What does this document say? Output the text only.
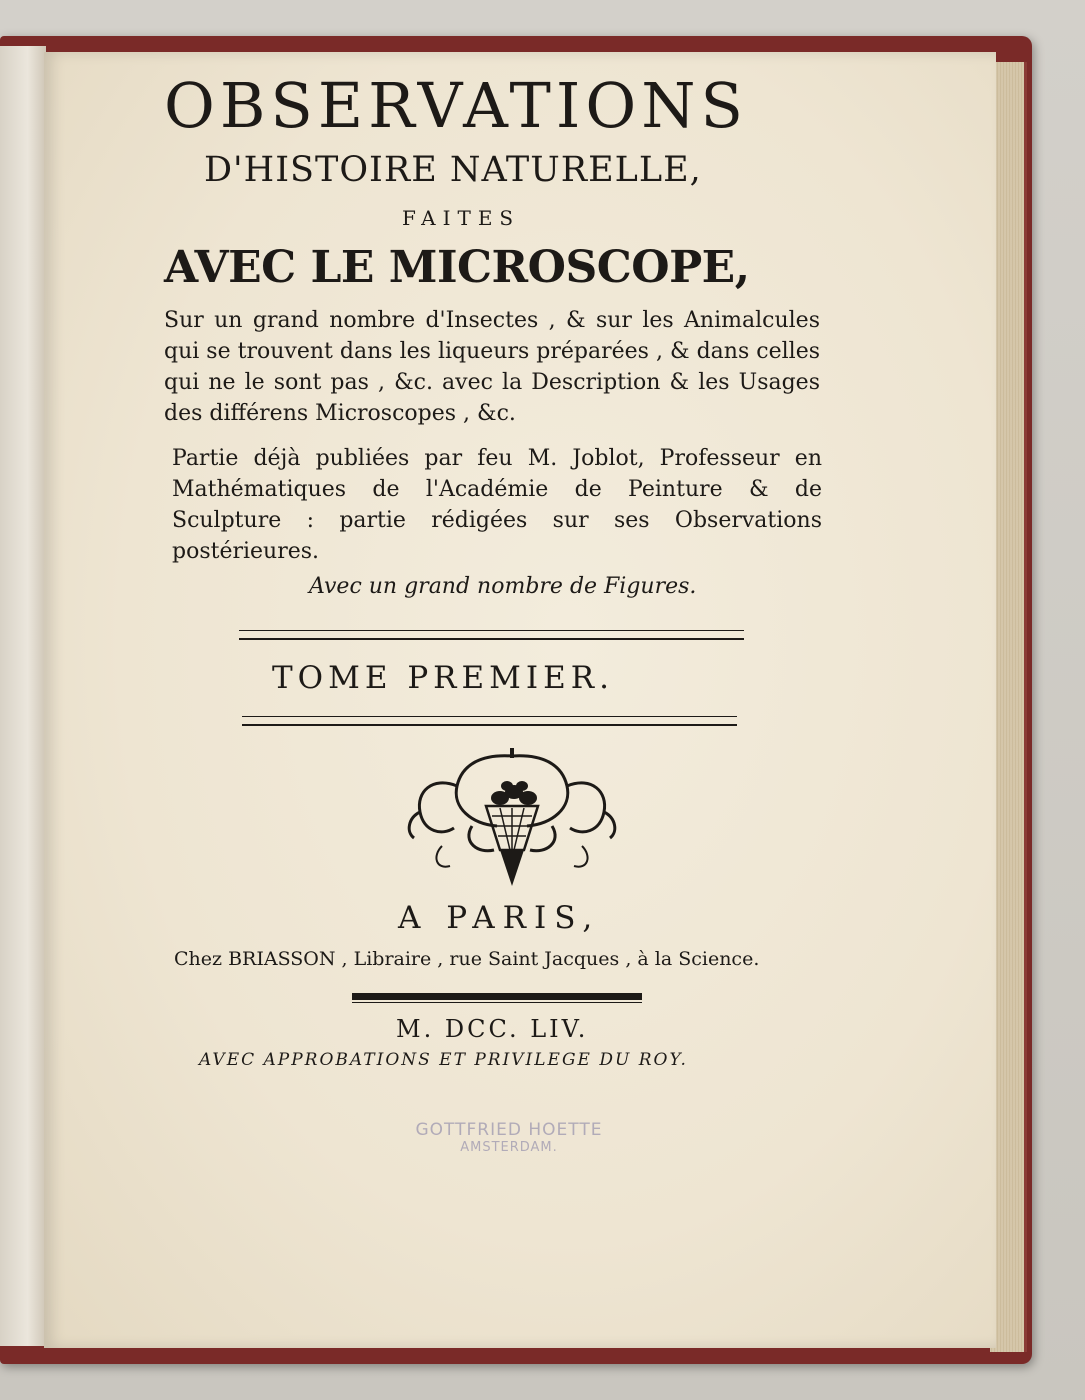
OBSERVATIONS
D'HISTOIRE NATURELLE,
FAITES
AVEC LE MICROSCOPE,
Sur un grand nombre d'Insectes , & sur les Animalcules qui se trouvent dans les liqueurs préparées , & dans celles qui ne le sont pas , &c. avec la Description & les Usages des différens Microscopes , &c.
Partie déjà publiées par feu M. Joblot, Professeur en Mathématiques de l'Académie de Peinture & de Sculpture : partie rédigées sur ses Observations postérieures.
Avec un grand nombre de Figures.
TOME PREMIER.
A PARIS,
Chez BRIASSON , Libraire , rue Saint Jacques , à la Science.
M. DCC. LIV.
AVEC APPROBATIONS ET PRIVILEGE DU ROY.
GOTTFRIED HOETTE
AMSTERDAM.
